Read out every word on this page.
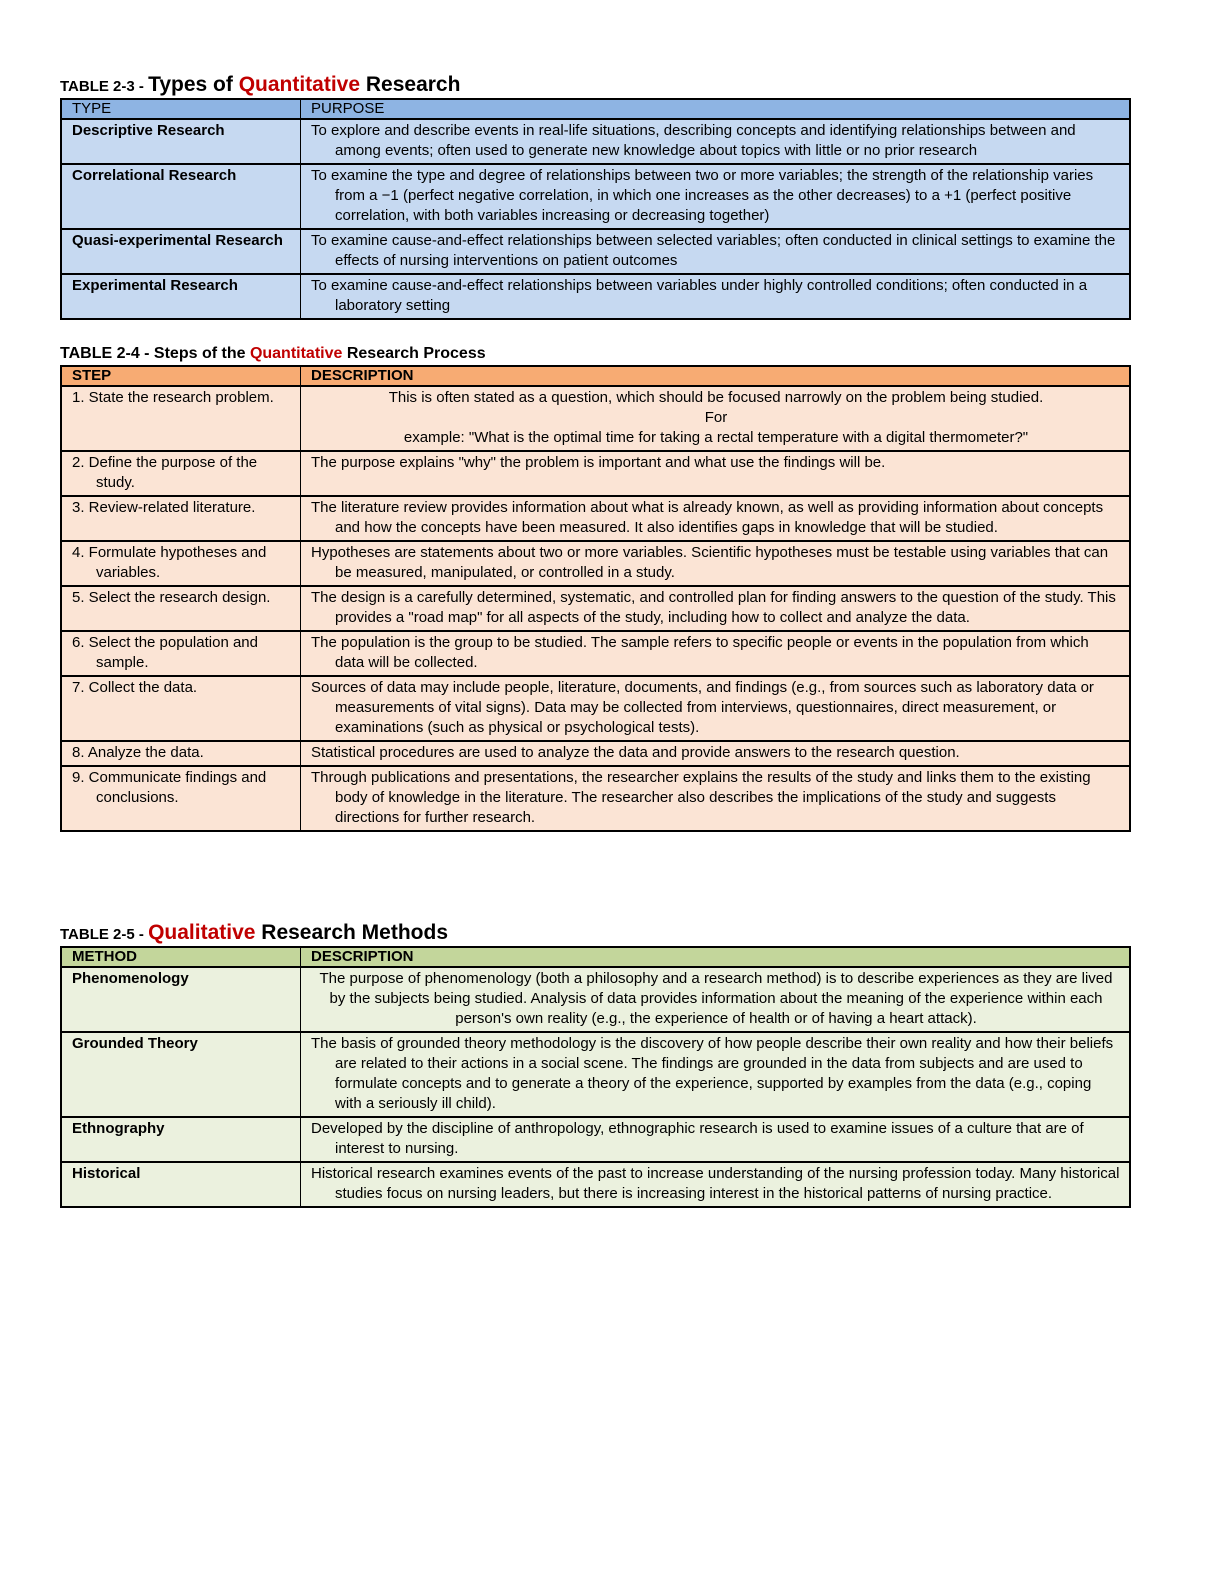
TABLE 2-3 - Types of Quantitative Research
TYPE	PURPOSE
Descriptive Research	To explore and describe events in real-life situations, describing concepts and identifying relationships between and among events; often used to generate new knowledge about topics with little or no prior research

Correlational Research	To examine the type and degree of relationships between two or more variables; the strength of the relationship varies from a −1 (perfect negative correlation, in which one increases as the other decreases) to a +1 (perfect positive correlation, with both variables increasing or decreasing together)

Quasi-experimental Research	To examine cause-and-effect relationships between selected variables; often conducted in clinical settings to examine the effects of nursing interventions on patient outcomes

Experimental Research	To examine cause-and-effect relationships between variables under highly controlled conditions; often conducted in a laboratory setting
TABLE 2-4 - Steps of the Quantitative Research Process
STEP	DESCRIPTION

1. State the research problem.	This is often stated as a question, which should be focused narrowly on the problem being studied.
For
example: "What is the optimal time for taking a rectal temperature with a digital thermometer?"

2. Define the purpose of the study.	The purpose explains "why" the problem is important and what use the findings will be.

3. Review-related literature.	The literature review provides information about what is already known, as well as providing information about concepts and how the concepts have been measured. It also identifies gaps in knowledge that will be studied.

4. Formulate hypotheses and variables.	Hypotheses are statements about two or more variables. Scientific hypotheses must be testable using variables that can be measured, manipulated, or controlled in a study.

5. Select the research design.	The design is a carefully determined, systematic, and controlled plan for finding answers to the question of the study. This provides a "road map" for all aspects of the study, including how to collect and analyze the data.

6. Select the population and sample.	The population is the group to be studied. The sample refers to specific people or events in the population from which data will be collected.

7. Collect the data.	Sources of data may include people, literature, documents, and findings (e.g., from sources such as laboratory data or measurements of vital signs). Data may be collected from interviews, questionnaires, direct measurement, or examinations (such as physical or psychological tests).

8. Analyze the data.	Statistical procedures are used to analyze the data and provide answers to the research question.

9. Communicate findings and conclusions.	Through publications and presentations, the researcher explains the results of the study and links them to the existing body of knowledge in the literature. The researcher also describes the implications of the study and suggests directions for further research.
TABLE 2-5 - Qualitative Research Methods
METHOD	DESCRIPTION
Phenomenology	The purpose of phenomenology (both a philosophy and a research method) is to describe experiences as they are lived by the subjects being studied. Analysis of data provides information about the meaning of the experience within each person's own reality (e.g., the experience of health or of having a heart attack).
Grounded Theory	The basis of grounded theory methodology is the discovery of how people describe their own reality and how their beliefs are related to their actions in a social scene. The findings are grounded in the data from subjects and are used to formulate concepts and to generate a theory of the experience, supported by examples from the data (e.g., coping with a seriously ill child).

Ethnography	Developed by the discipline of anthropology, ethnographic research is used to examine issues of a culture that are of interest to nursing.

Historical	Historical research examines events of the past to increase understanding of the nursing profession today. Many historical studies focus on nursing leaders, but there is increasing interest in the historical patterns of nursing practice.
